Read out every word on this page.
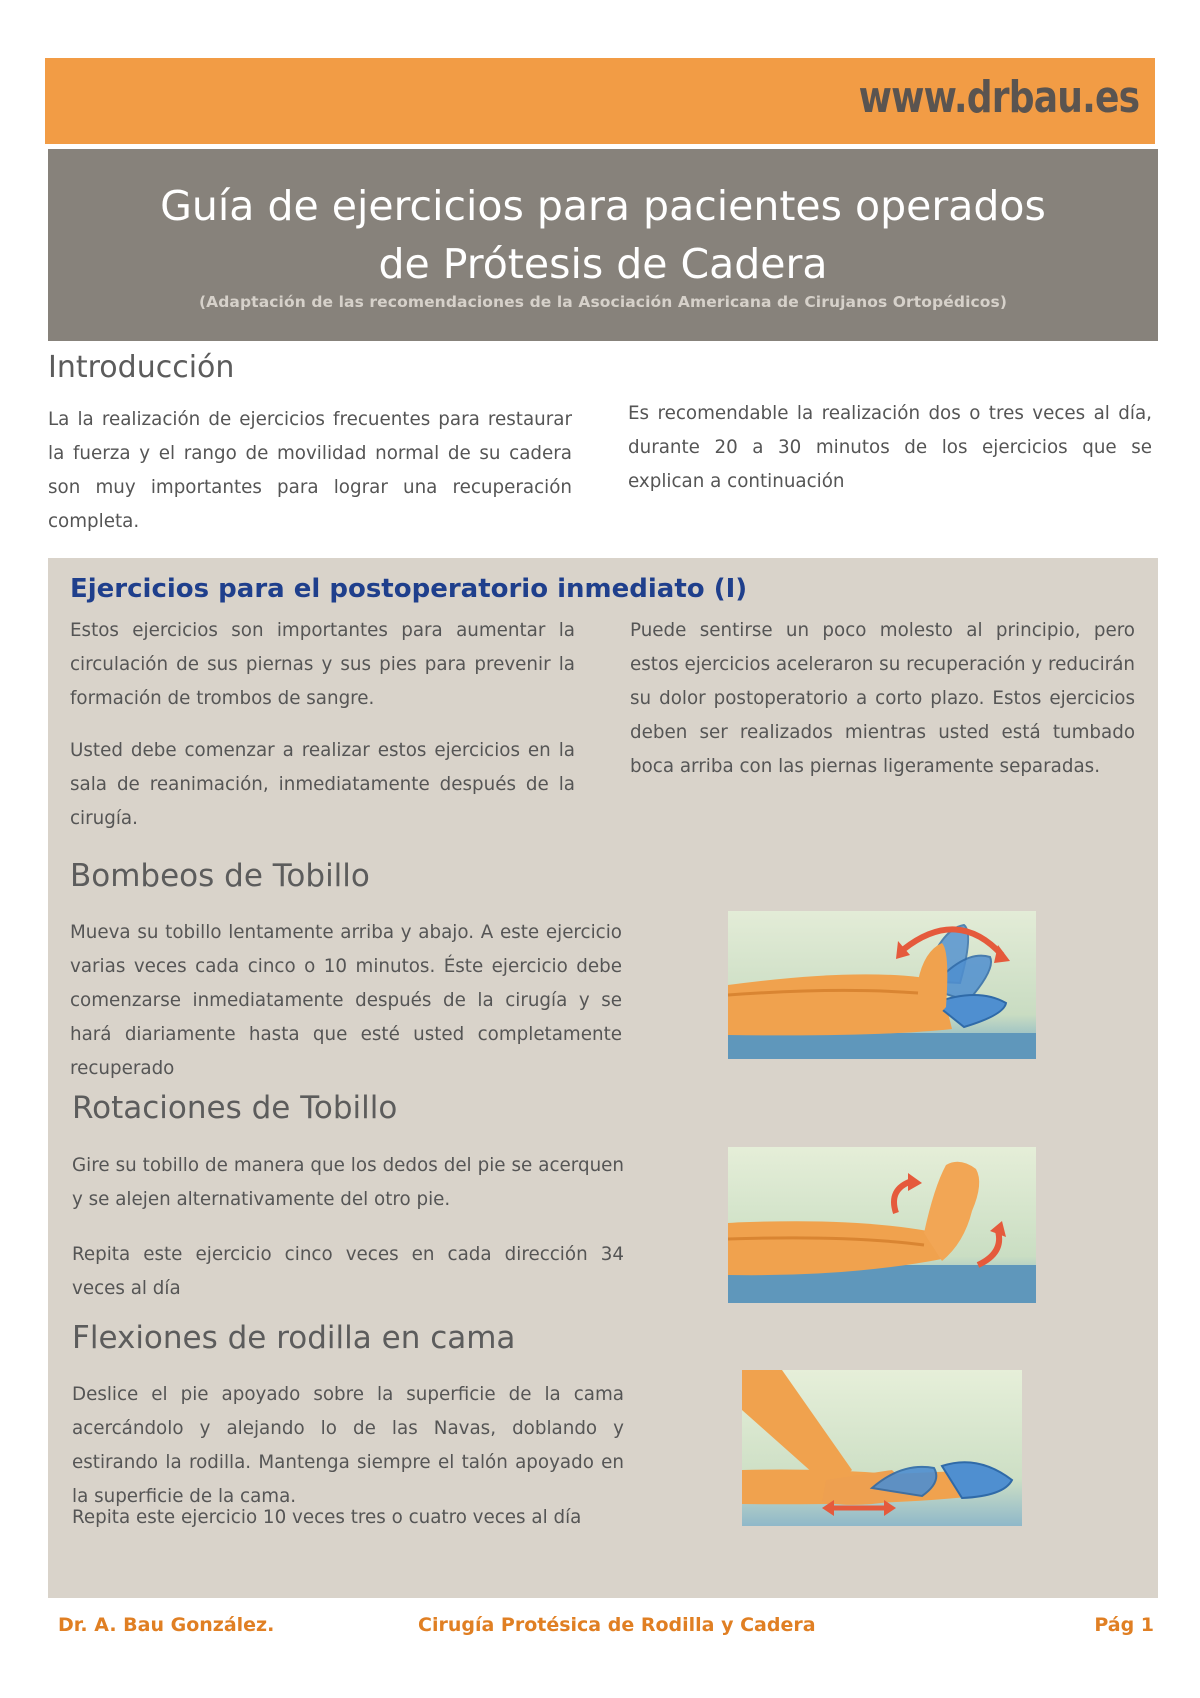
www.drbau.es
Guía de ejercicios para pacientes operados
de Prótesis de Cadera
(Adaptación de las recomendaciones de la Asociación Americana de Cirujanos Ortopédicos)
Introducción

La la realización de ejercicios frecuentes para restaurar la fuerza y el rango de movilidad normal de su cadera son muy importantes para lograr una recuperación completa.

Es recomendable la realización dos o tres veces al día, durante 20 a 30 minutos de los ejercicios que se explican a continuación

Ejercicios para el postoperatorio inmediato (I)

Estos ejercicios son importantes para aumentar la circulación de sus piernas y sus pies para prevenir la formación de trombos de sangre.

Usted debe comenzar a realizar estos ejercicios en la sala de reanimación, inmediatamente después de la cirugía.

Puede sentirse un poco molesto al principio, pero estos ejercicios aceleraron su recuperación y reducirán su dolor postoperatorio a corto plazo. Estos ejercicios deben ser realizados mientras usted está tumbado boca arriba con las piernas ligeramente separadas.

Bombeos de Tobillo

Mueva su tobillo lentamente arriba y abajo. A este ejercicio varias veces cada cinco o 10 minutos. Éste ejercicio debe comenzarse inmediatamente después de la cirugía y se hará diariamente hasta que esté usted completamente recuperado

Rotaciones de Tobillo

Gire su tobillo de manera que los dedos del pie se acerquen y se alejen alternativamente del otro pie.

Repita este ejercicio cinco veces en cada dirección 34 veces al día

Flexiones de rodilla en cama

Deslice el pie apoyado sobre la superficie de la cama acercándolo y alejando lo de las Navas, doblando y estirando la rodilla. Mantenga siempre el talón apoyado en la superficie de la cama.

Repita este ejercicio 10 veces tres o cuatro veces al día

Dr. A. Bau González.	Cirugía Protésica de Rodilla y Cadera	Pág 1
